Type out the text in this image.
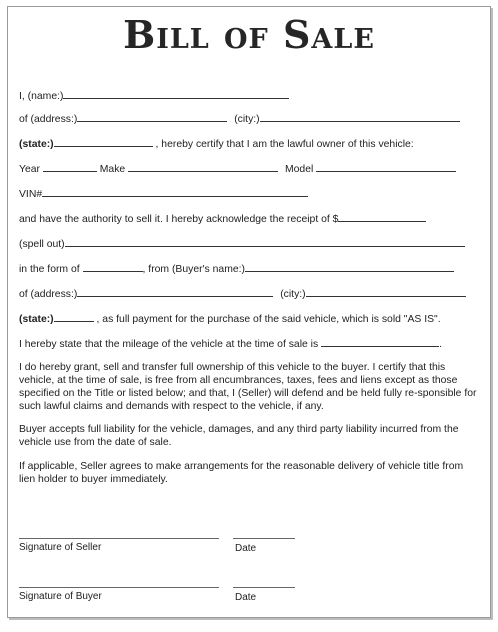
Bill of Sale
I, (name:)
of (address:)	(city:)
(state:)	, hereby certify that I am the lawful owner of this vehicle:
Year	Make	Model
VIN#
and have the authority to sell it. I hereby acknowledge the receipt of $
(spell out)
in the form of	, from (Buyer's name:)
of (address:)	(city:)
(state:)	, as full payment for the purchase of the said vehicle, which is sold "AS IS".
I hereby state that the mileage of the vehicle at the time of sale is	.
I do hereby grant, sell and transfer full ownership of this vehicle to the buyer. I certify that this vehicle, at the time of sale, is free from all encumbrances, taxes, fees and liens except as those specified on the Title or listed below; and that, I (Seller) will defend and be held fully re-sponsible for such lawful claims and demands with respect to the vehicle, if any.
Buyer accepts full liability for the vehicle, damages, and any third party liability incurred from the vehicle use from the date of sale.
If applicable, Seller agrees to make arrangements for the reasonable delivery of vehicle title from lien holder to buyer immediately.
Signature of Seller	Date
Signature of Buyer	Date
